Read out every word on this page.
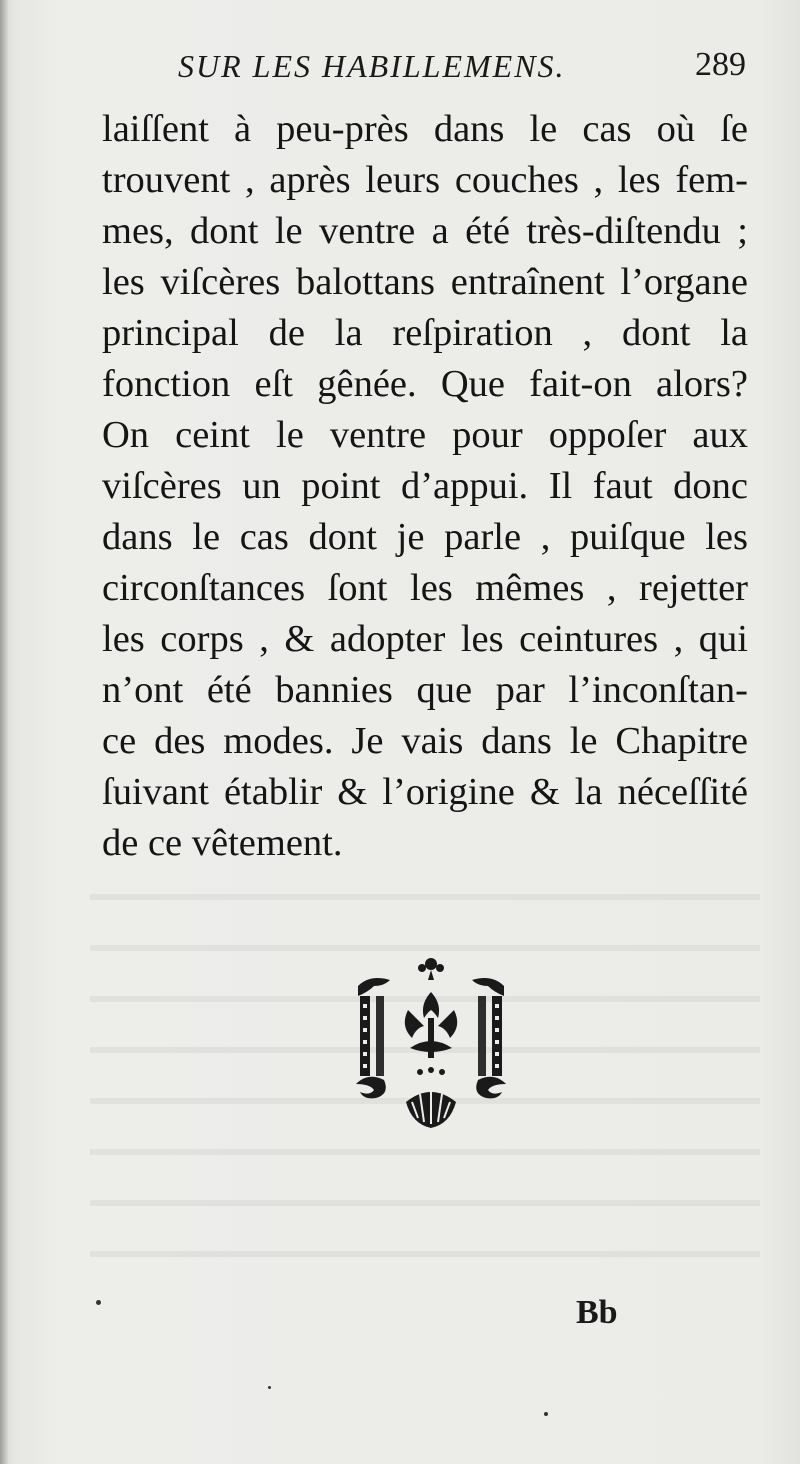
SUR LES HABILLEMENS.	289
laiſſent à peu-près dans le cas où ſe
trouvent , après leurs couches , les fem-
mes, dont le ventre a été très-diſtendu ;
les viſcères balottans entraînent l’organe
principal de la reſpiration , dont la
fonction eſt gênée. Que fait-on alors?
On ceint le ventre pour oppoſer aux
viſcères un point d’appui. Il faut donc
dans le cas dont je parle , puiſque les
circonſtances ſont les mêmes , rejetter
les corps , & adopter les ceintures , qui
n’ont été bannies que par l’inconſtan-
ce des modes. Je vais dans le Chapitre
ſuivant établir & l’origine & la néceſſité
de ce vêtement.
Bb
